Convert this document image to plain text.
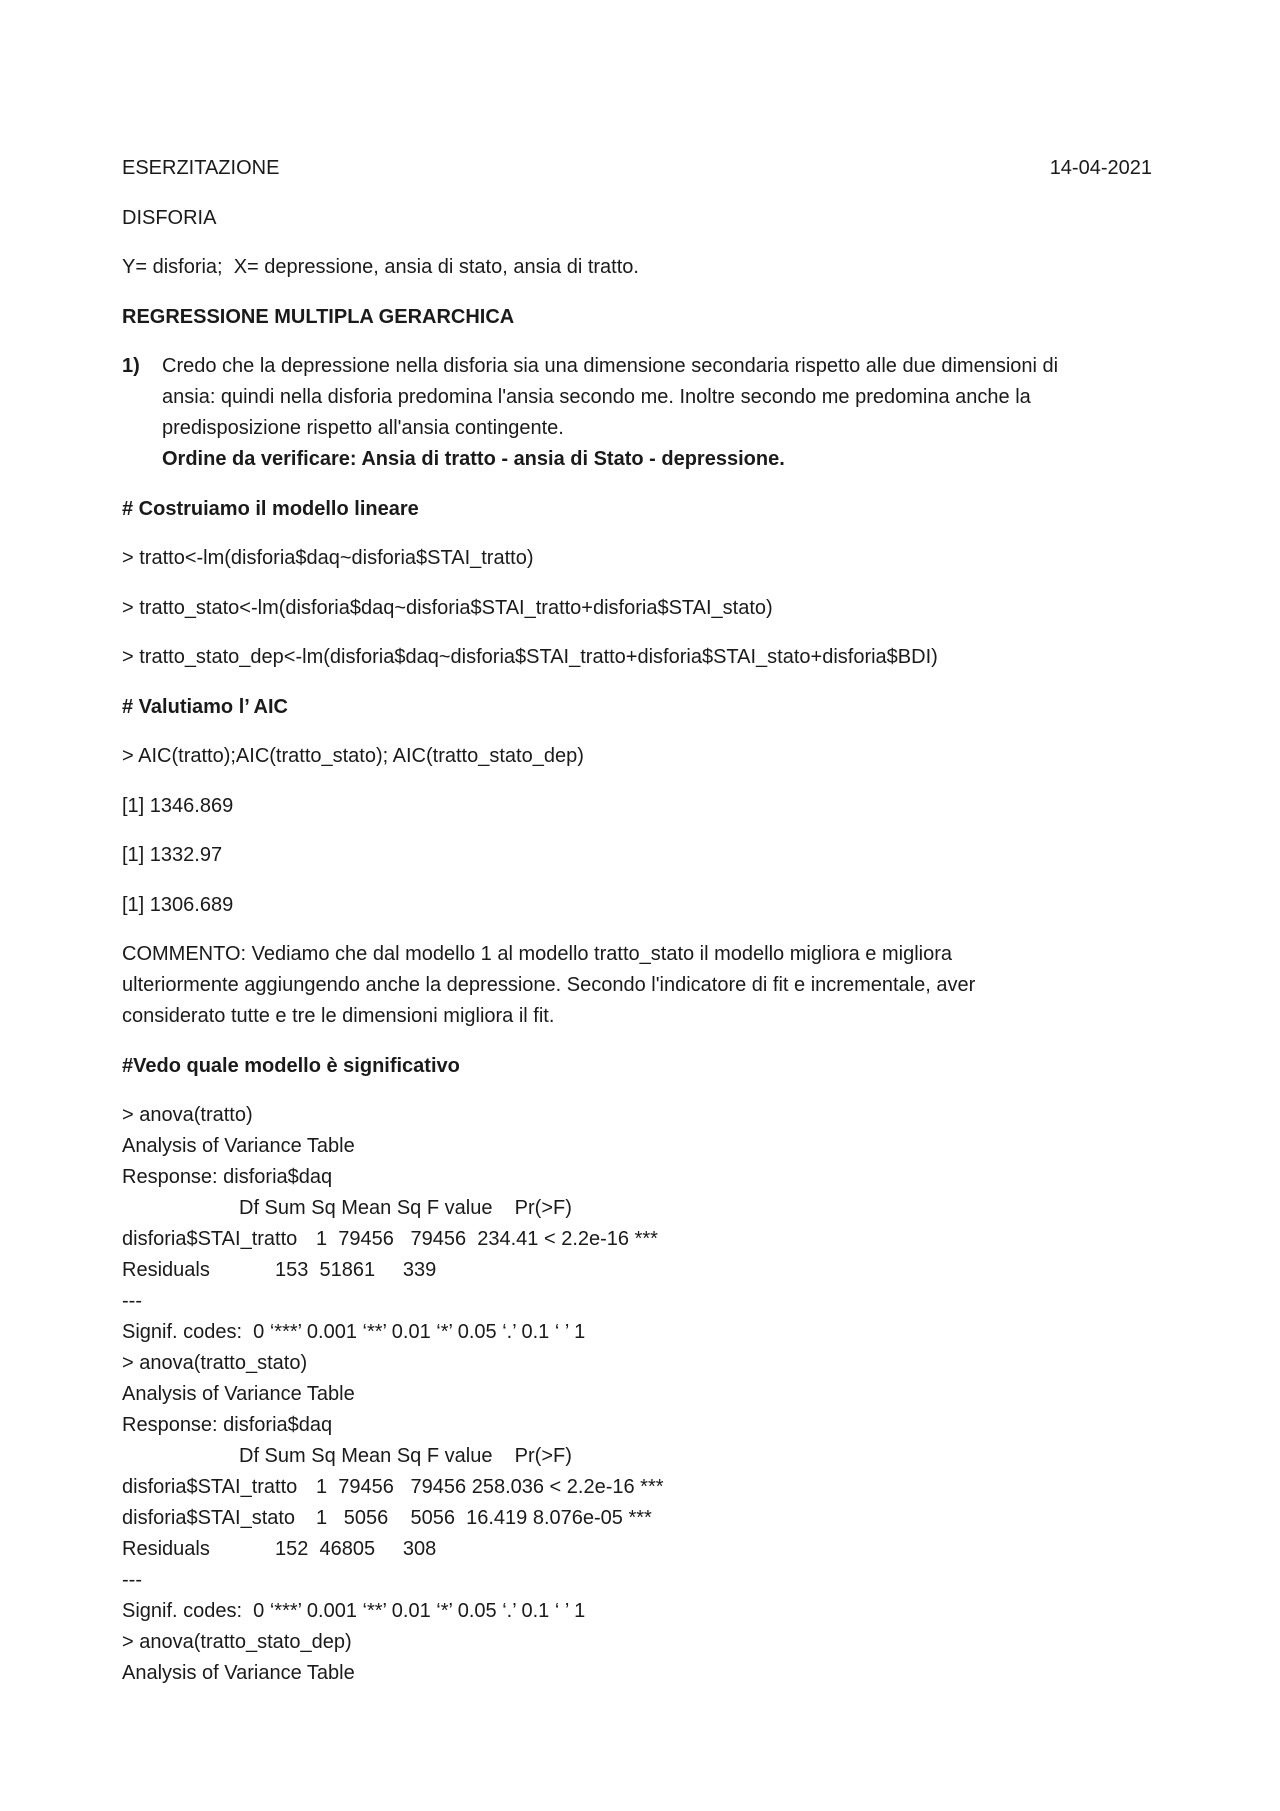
ESERZITAZIONE	14-04-2021
DISFORIA
Y= disforia;  X= depressione, ansia di stato, ansia di tratto.
REGRESSIONE MULTIPLA GERARCHICA
1)	Credo che la depressione nella disforia sia una dimensione secondaria rispetto alle due dimensioni di
ansia: quindi nella disforia predomina l'ansia secondo me. Inoltre secondo me predomina anche la
predisposizione rispetto all'ansia contingente.
Ordine da verificare: Ansia di tratto - ansia di Stato - depressione.
# Costruiamo il modello lineare
> tratto<-lm(disforia$daq~disforia$STAI_tratto)
> tratto_stato<-lm(disforia$daq~disforia$STAI_tratto+disforia$STAI_stato)
> tratto_stato_dep<-lm(disforia$daq~disforia$STAI_tratto+disforia$STAI_stato+disforia$BDI)
# Valutiamo l’ AIC
> AIC(tratto);AIC(tratto_stato); AIC(tratto_stato_dep)
[1] 1346.869
[1] 1332.97
[1] 1306.689
COMMENTO: Vediamo che dal modello 1 al modello tratto_stato il modello migliora e migliora
ulteriormente aggiungendo anche la depressione. Secondo l'indicatore di fit e incrementale, aver
considerato tutte e tre le dimensioni migliora il fit.
#Vedo quale modello è significativo
> anova(tratto)
Analysis of Variance Table
Response: disforia$daq
Df Sum Sq Mean Sq F value    Pr(>F)
disforia$STAI_tratto 1  79456   79456  234.41 < 2.2e-16 ***
Residuals	153  51861     339
---
Signif. codes:  0 ‘***’ 0.001 ‘**’ 0.01 ‘*’ 0.05 ‘.’ 0.1 ‘ ’ 1
> anova(tratto_stato)
Analysis of Variance Table
Response: disforia$daq
Df Sum Sq Mean Sq F value    Pr(>F)
disforia$STAI_tratto 1  79456   79456 258.036 < 2.2e-16 ***
disforia$STAI_stato 1   5056    5056  16.419 8.076e-05 ***
Residuals	152  46805     308
---
Signif. codes:  0 ‘***’ 0.001 ‘**’ 0.01 ‘*’ 0.05 ‘.’ 0.1 ‘ ’ 1
> anova(tratto_stato_dep)
Analysis of Variance Table
